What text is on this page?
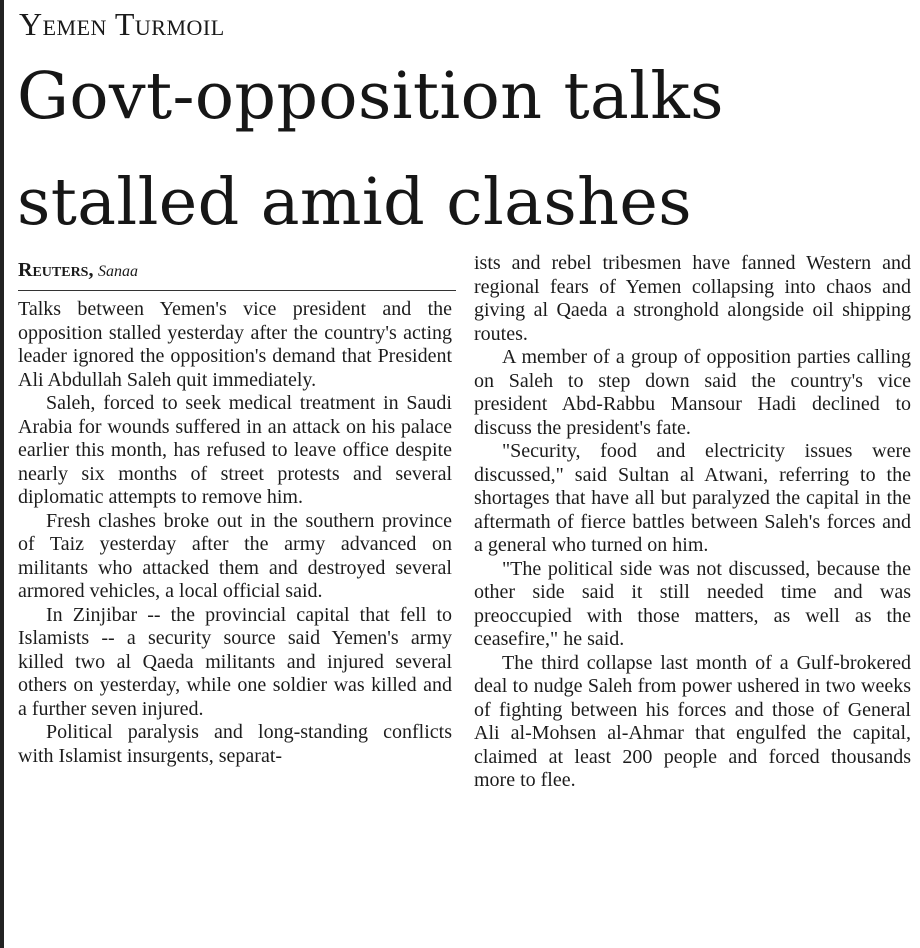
Yemen Turmoil
Govt-opposition talks
stalled amid clashes
Reuters, Sanaa

Talks between Yemen's vice president and the opposition stalled yesterday after the country's acting leader ignored the opposition's demand that President Ali Abdullah Saleh quit immediately.

Saleh, forced to seek medical treatment in Saudi Arabia for wounds suffered in an attack on his palace earlier this month, has refused to leave office despite nearly six months of street protests and several diplomatic attempts to remove him.

Fresh clashes broke out in the southern province of Taiz yesterday after the army advanced on militants who attacked them and destroyed several armored vehicles, a local official said.

In Zinjibar -- the provincial capital that fell to Islamists -- a security source said Yemen's army killed two al Qaeda militants and injured several others on yesterday, while one soldier was killed and a further seven injured.

Political paralysis and long-standing conflicts with Islamist insurgents, separat-

ists and rebel tribesmen have fanned Western and regional fears of Yemen collapsing into chaos and giving al Qaeda a stronghold alongside oil shipping routes.

A member of a group of opposition parties calling on Saleh to step down said the country's vice president Abd-Rabbu Mansour Hadi declined to discuss the president's fate.

"Security, food and electricity issues were discussed," said Sultan al Atwani, referring to the shortages that have all but paralyzed the capital in the aftermath of fierce battles between Saleh's forces and a general who turned on him.

"The political side was not discussed, because the other side said it still needed time and was preoccupied with those matters, as well as the ceasefire," he said.

The third collapse last month of a Gulf-brokered deal to nudge Saleh from power ushered in two weeks of fighting between his forces and those of General Ali al-Mohsen al-Ahmar that engulfed the capital, claimed at least 200 people and forced thousands more to flee.
